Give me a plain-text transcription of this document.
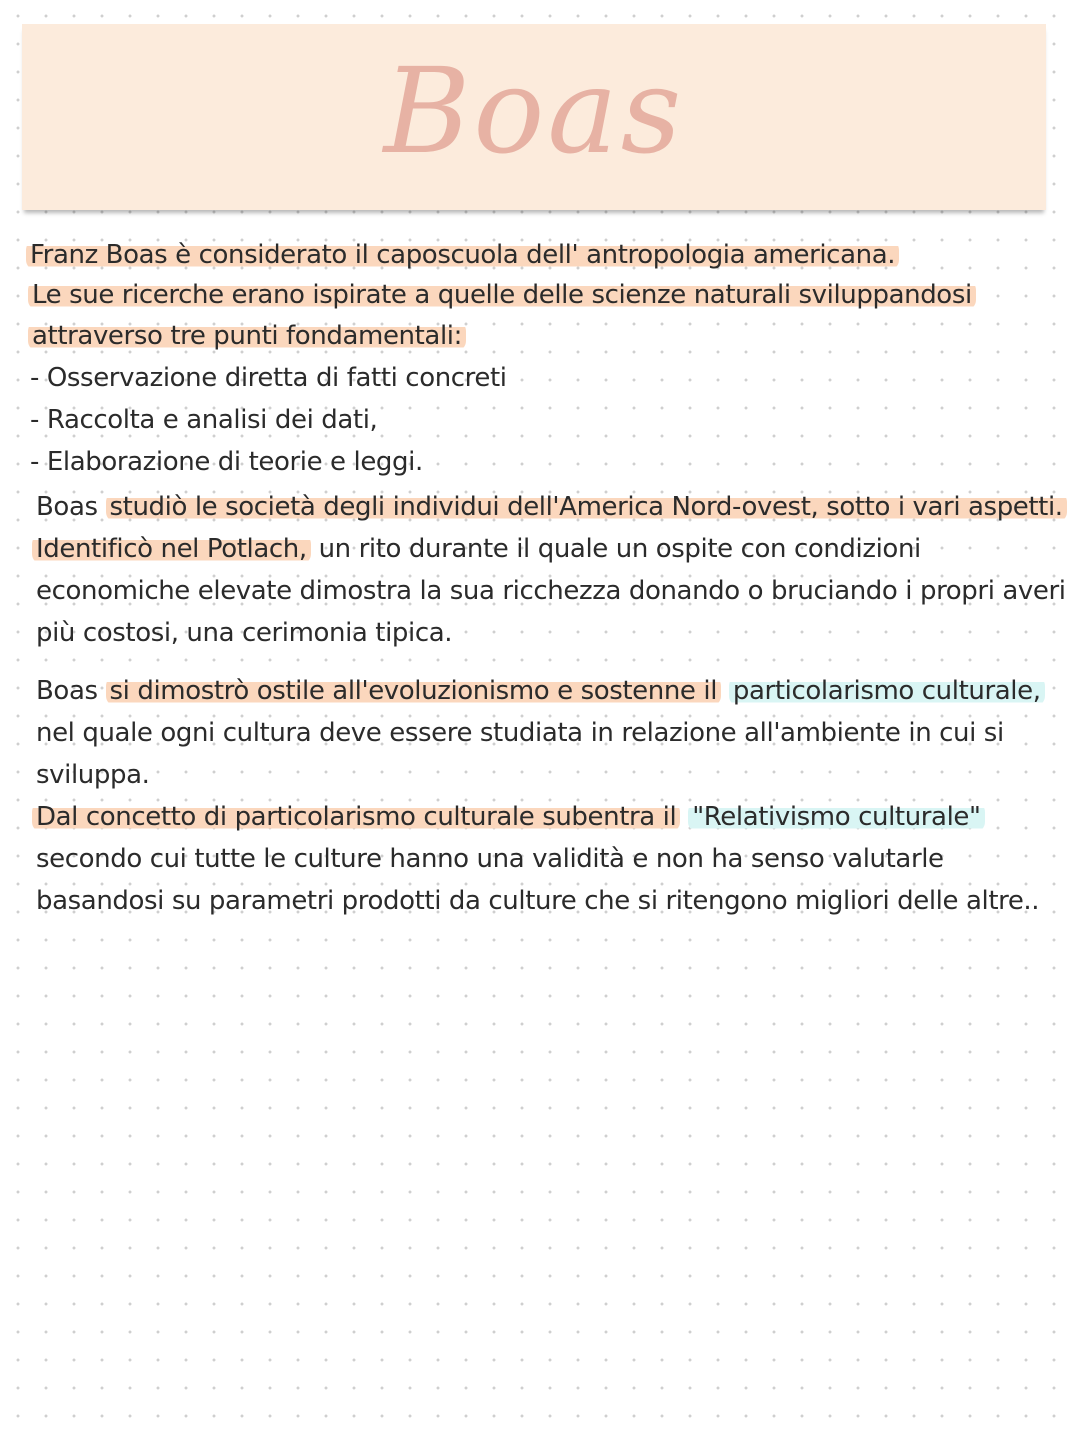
Boas
Franz Boas è considerato il caposcuola dell' antropologia americana.
Le sue ricerche erano ispirate a quelle delle scienze naturali sviluppandosi
attraverso tre punti fondamentali:
- Osservazione diretta di fatti concreti
- Raccolta e analisi dei dati,
- Elaborazione di teorie e leggi.
Boas studiò le società degli individui dell'America Nord-ovest, sotto i vari aspetti.
Identificò nel Potlach, un rito durante il quale un ospite con condizioni
economiche elevate dimostra la sua ricchezza donando o bruciando i propri averi
più costosi, una cerimonia tipica.
Boas si dimostrò ostile all'evoluzionismo e sostenne il particolarismo culturale,
nel quale ogni cultura deve essere studiata in relazione all'ambiente in cui si
sviluppa.
Dal concetto di particolarismo culturale subentra il "Relativismo culturale"
secondo cui tutte le culture hanno una validità e non ha senso valutarle
basandosi su parametri prodotti da culture che si ritengono migliori delle altre..
